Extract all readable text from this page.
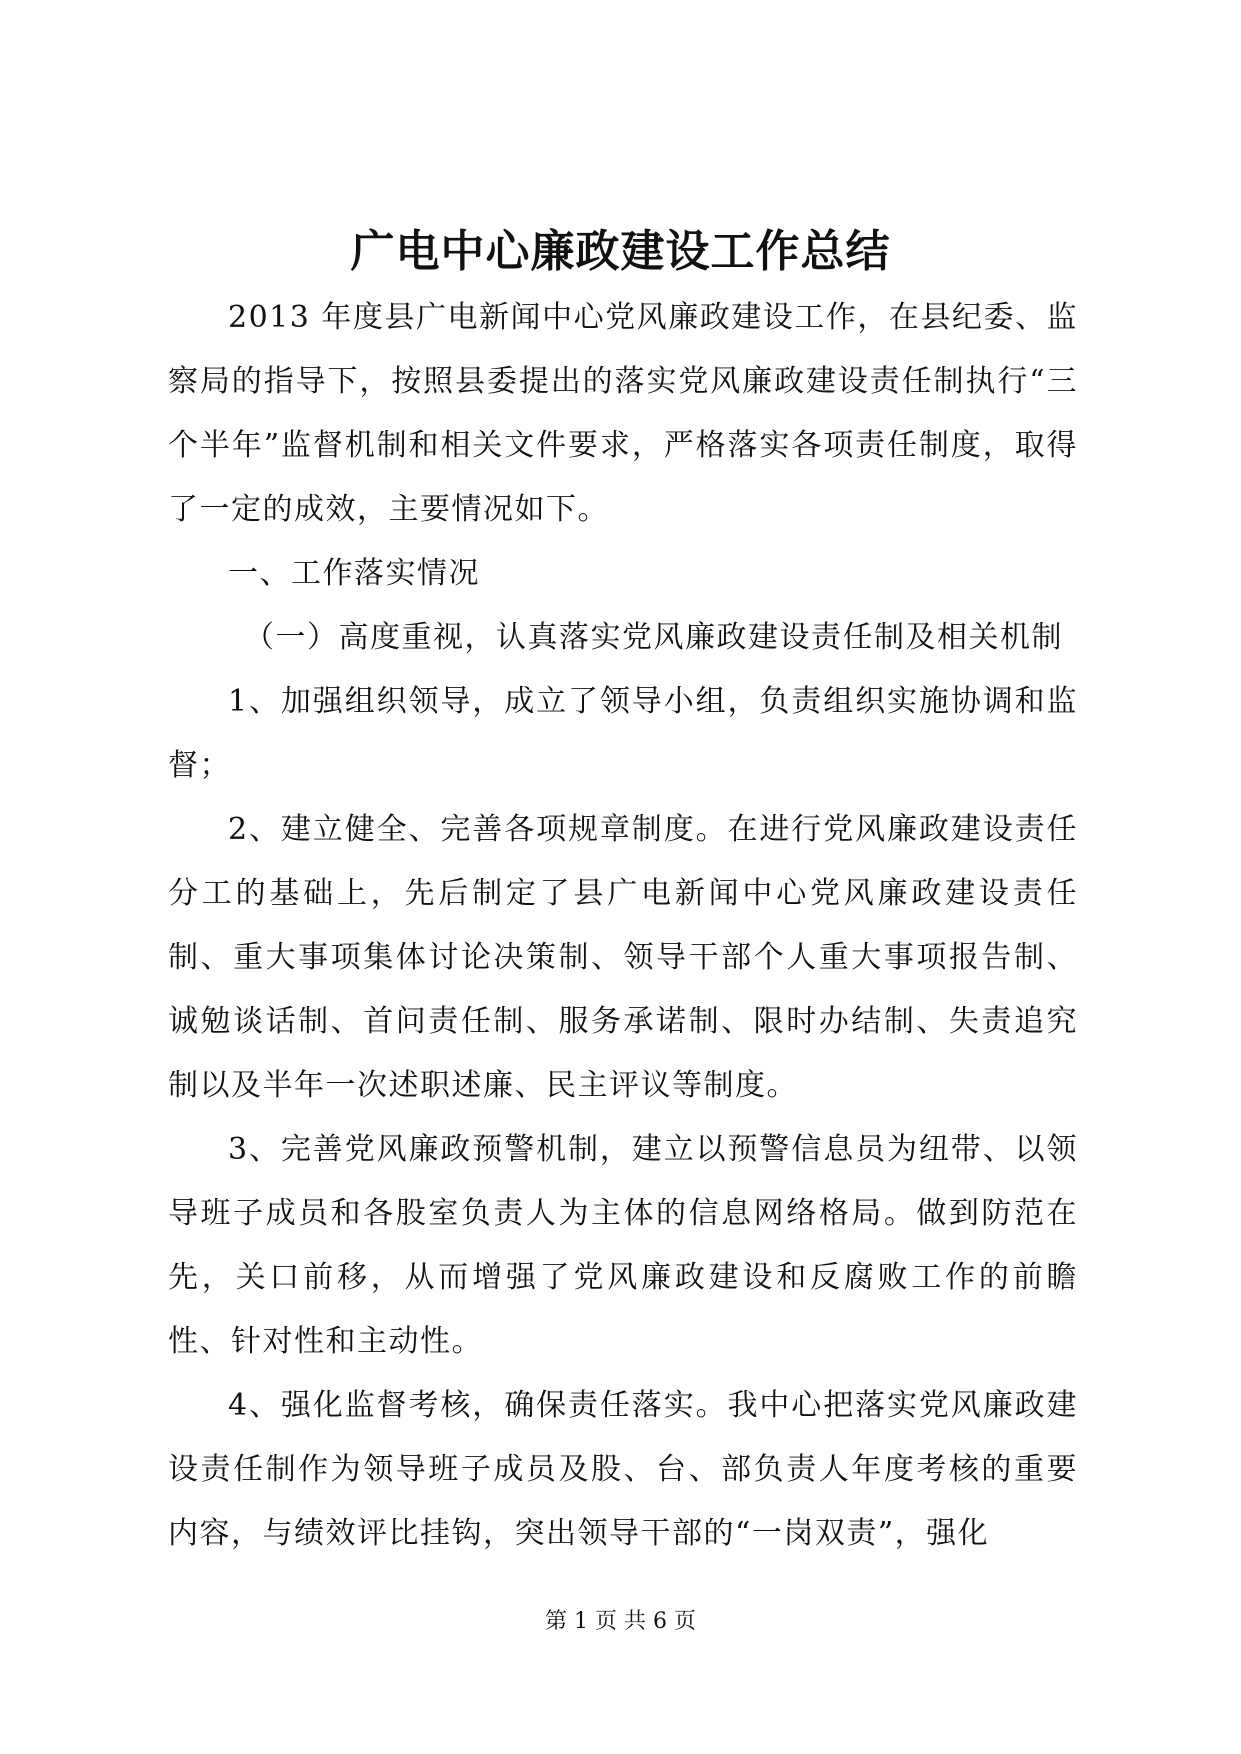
广电中心廉政建设工作总结

2013 年度县广电新闻中心党风廉政建设工作，在县纪委、监察局的指导下，按照县委提出的落实党风廉政建设责任制执行“三个半年”监督机制和相关文件要求，严格落实各项责任制度，取得了一定的成效，主要情况如下。

一、工作落实情况

（一）高度重视，认真落实党风廉政建设责任制及相关机制

1、加强组织领导，成立了领导小组，负责组织实施协调和监督；

2、建立健全、完善各项规章制度。在进行党风廉政建设责任分工的基础上，先后制定了县广电新闻中心党风廉政建设责任制、重大事项集体讨论决策制、领导干部个人重大事项报告制、诚勉谈话制、首问责任制、服务承诺制、限时办结制、失责追究制以及半年一次述职述廉、民主评议等制度。

3、完善党风廉政预警机制，建立以预警信息员为纽带、以领导班子成员和各股室负责人为主体的信息网络格局。做到防范在先，关口前移，从而增强了党风廉政建设和反腐败工作的前瞻性、针对性和主动性。

4、强化监督考核，确保责任落实。我中心把落实党风廉政建设责任制作为领导班子成员及股、台、部负责人年度考核的重要内容，与绩效评比挂钩，突出领导干部的“一岗双责”，强化

第 1 页 共 6 页
